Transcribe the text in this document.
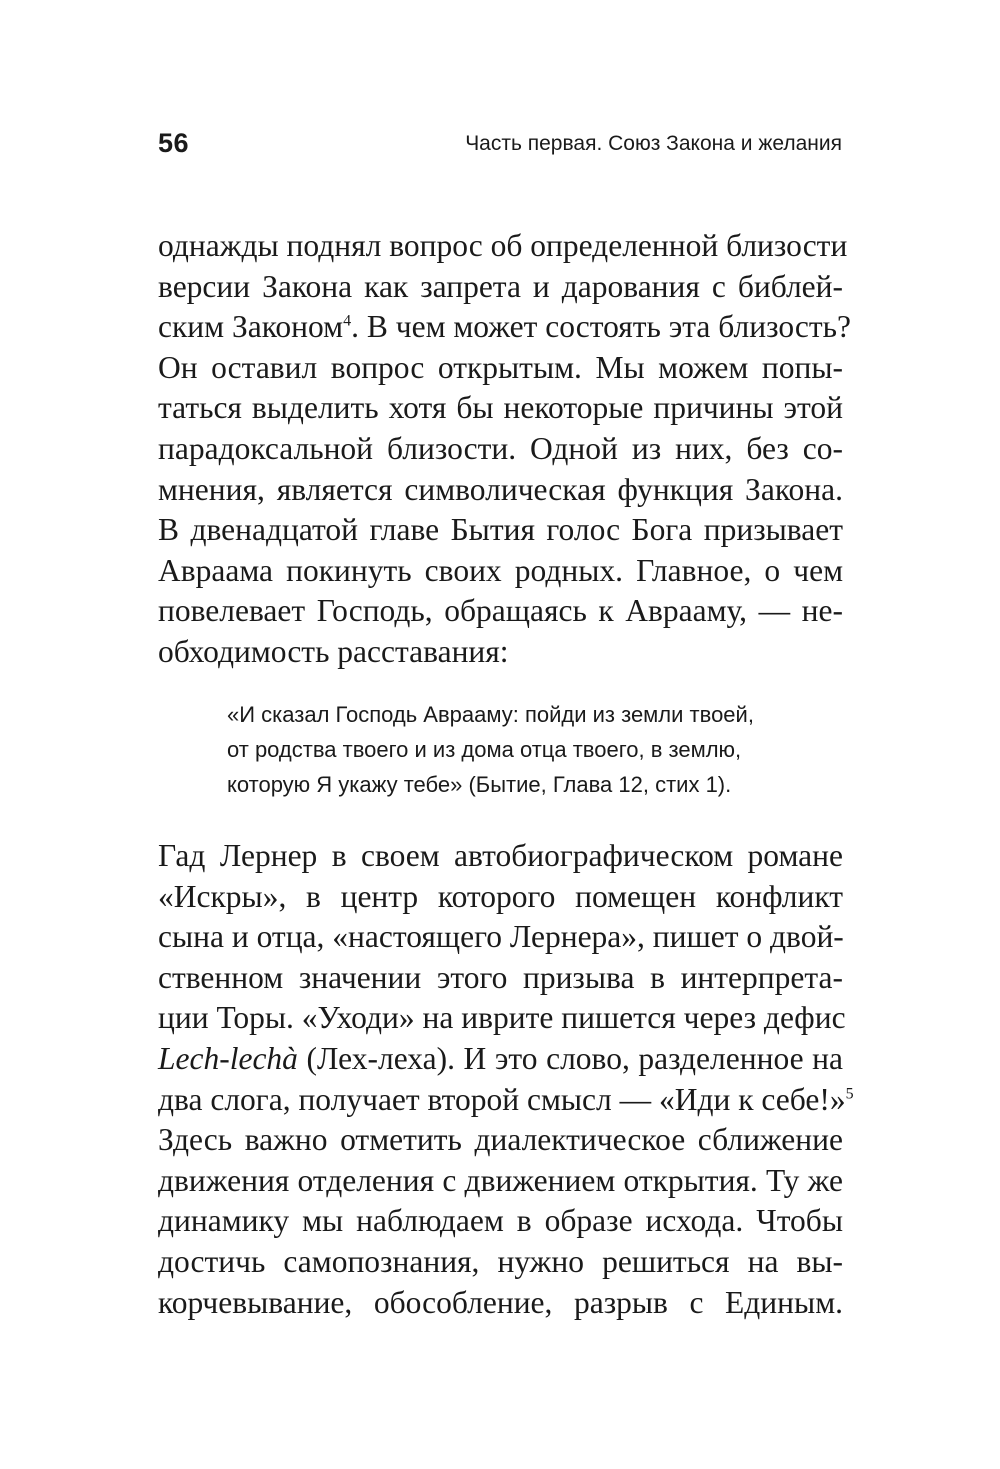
56	Часть первая. Союз Закона и желания
однажды поднял вопрос об определенной близости
версии Закона как запрета и дарования с библей-
ским Законом$^4$. В чем может состоять эта близость?
Он оставил вопрос открытым. Мы можем попы-
таться выделить хотя бы некоторые причины этой
парадоксальной близости. Одной из них, без со-
мнения, является символическая функция Закона.
В двенадцатой главе Бытия голос Бога призывает
Авраама покинуть своих родных. Главное, о чем
повелевает Господь, обращаясь к Аврааму, — не-
обходимость расставания:
«И сказал Господь Аврааму: пойди из земли твоей,
от родства твоего и из дома отца твоего, в землю,
которую Я укажу тебе» (Бытие, Глава 12, стих 1).
Гад Лернер в своем автобиографическом романе
«Искры», в центр которого помещен конфликт
сына и отца, «настоящего Лернера», пишет о двой-
ственном значении этого призыва в интерпрета-
ции Торы. «Уходи» на иврите пишется через дефис
Lech-lechà (Лех-леха). И это слово, разделенное на
два слога, получает второй смысл — «Иди к себе!»$^5$
Здесь важно отметить диалектическое сближение
движения отделения с движением открытия. Ту же
динамику мы наблюдаем в образе исхода. Чтобы
достичь самопознания, нужно решиться на вы-
корчевывание, обособление, разрыв с Единым.
